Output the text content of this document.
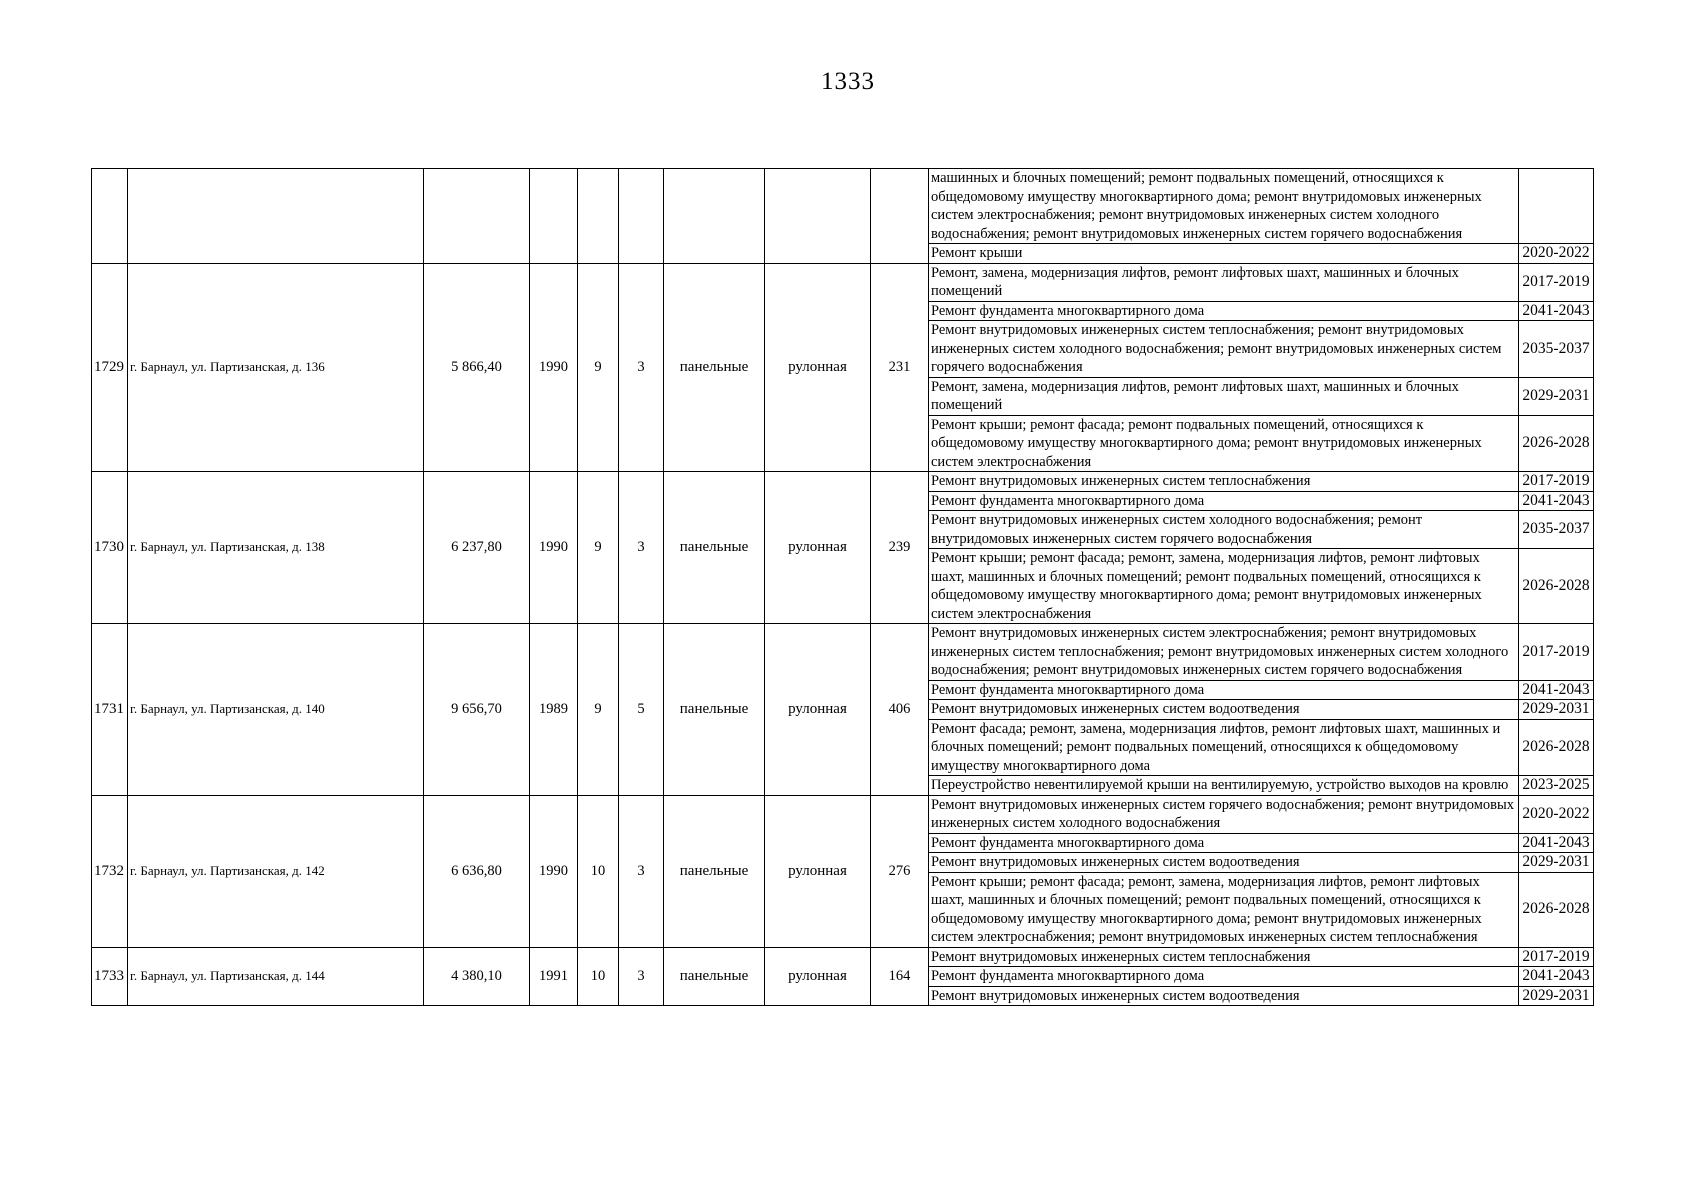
1333
									машинных и блочных помещений; ремонт подвальных помещений, относящихся к общедомовому имуществу многоквартирного дома; ремонт внутридомовых инженерных систем электроснабжения; ремонт внутридомовых инженерных систем холодного водоснабжения; ремонт внутридомовых инженерных систем горячего водоснабжения	
									Ремонт крыши	2020-2022
1729	г. Барнаул, ул. Партизанская, д. 136	5 866,40	1990	9	3	панельные	рулонная	231	Ремонт, замена, модернизация лифтов, ремонт лифтовых шахт, машинных и блочных помещений	2017-2019
									Ремонт фундамента многоквартирного дома	2041-2043
									Ремонт внутридомовых инженерных систем теплоснабжения; ремонт внутридомовых инженерных систем холодного водоснабжения; ремонт внутридомовых инженерных систем горячего водоснабжения	2035-2037
									Ремонт, замена, модернизация лифтов, ремонт лифтовых шахт, машинных и блочных помещений	2029-2031
									Ремонт крыши; ремонт фасада; ремонт подвальных помещений, относящихся к общедомовому имуществу многоквартирного дома; ремонт внутридомовых инженерных систем электроснабжения	2026-2028
1730	г. Барнаул, ул. Партизанская, д. 138	6 237,80	1990	9	3	панельные	рулонная	239	Ремонт внутридомовых инженерных систем теплоснабжения	2017-2019
									Ремонт фундамента многоквартирного дома	2041-2043
									Ремонт внутридомовых инженерных систем холодного водоснабжения; ремонт внутридомовых инженерных систем горячего водоснабжения	2035-2037
									Ремонт крыши; ремонт фасада; ремонт, замена, модернизация лифтов, ремонт лифтовых шахт, машинных и блочных помещений; ремонт подвальных помещений, относящихся к общедомовому имуществу многоквартирного дома; ремонт внутридомовых инженерных систем электроснабжения	2026-2028
1731	г. Барнаул, ул. Партизанская, д. 140	9 656,70	1989	9	5	панельные	рулонная	406	Ремонт внутридомовых инженерных систем электроснабжения; ремонт внутридомовых инженерных систем теплоснабжения; ремонт внутридомовых инженерных систем холодного водоснабжения; ремонт внутридомовых инженерных систем горячего водоснабжения	2017-2019
									Ремонт фундамента многоквартирного дома	2041-2043
									Ремонт внутридомовых инженерных систем водоотведения	2029-2031
									Ремонт фасада; ремонт, замена, модернизация лифтов, ремонт лифтовых шахт, машинных и блочных помещений; ремонт подвальных помещений, относящихся к общедомовому имуществу многоквартирного дома	2026-2028
									Переустройство невентилируемой крыши на вентилируемую, устройство выходов на кровлю	2023-2025
1732	г. Барнаул, ул. Партизанская, д. 142	6 636,80	1990	10	3	панельные	рулонная	276	Ремонт внутридомовых инженерных систем горячего водоснабжения; ремонт внутридомовых инженерных систем холодного водоснабжения	2020-2022
									Ремонт фундамента многоквартирного дома	2041-2043
									Ремонт внутридомовых инженерных систем водоотведения	2029-2031
									Ремонт крыши; ремонт фасада; ремонт, замена, модернизация лифтов, ремонт лифтовых шахт, машинных и блочных помещений; ремонт подвальных помещений, относящихся к общедомовому имуществу многоквартирного дома; ремонт внутридомовых инженерных систем электроснабжения; ремонт внутридомовых инженерных систем теплоснабжения	2026-2028
1733	г. Барнаул, ул. Партизанская, д. 144	4 380,10	1991	10	3	панельные	рулонная	164	Ремонт внутридомовых инженерных систем теплоснабжения	2017-2019
									Ремонт фундамента многоквартирного дома	2041-2043
									Ремонт внутридомовых инженерных систем водоотведения	2029-2031
